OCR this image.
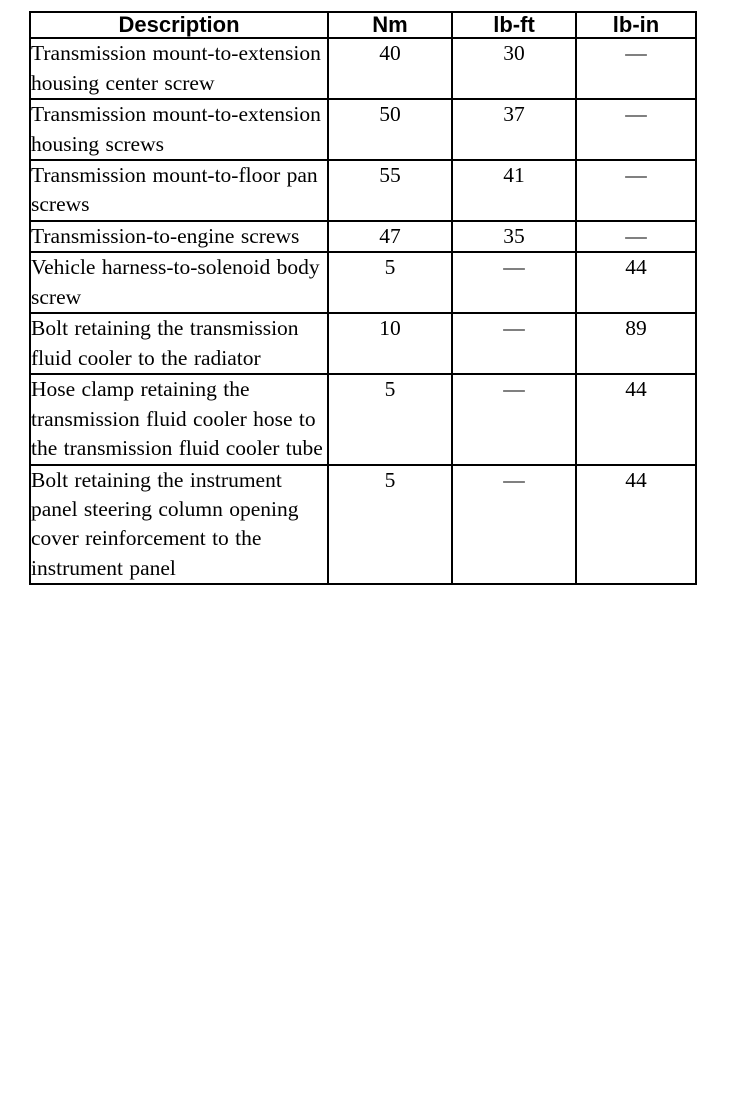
Description	Nm	lb-ft	lb-in
Transmission mount-to-extension housing center screw	40	30	—
Transmission mount-to-extension housing screws	50	37	—
Transmission mount-to-floor pan screws	55	41	—
Transmission-to-engine screws	47	35	—
Vehicle harness-to-solenoid body screw	5	—	44
Bolt retaining the transmission fluid cooler to the radiator	10	—	89
Hose clamp retaining the transmission fluid cooler hose to the transmission fluid cooler tube	5	—	44
Bolt retaining the instrument panel steering column opening cover reinforcement to the instrument panel	5	—	44
